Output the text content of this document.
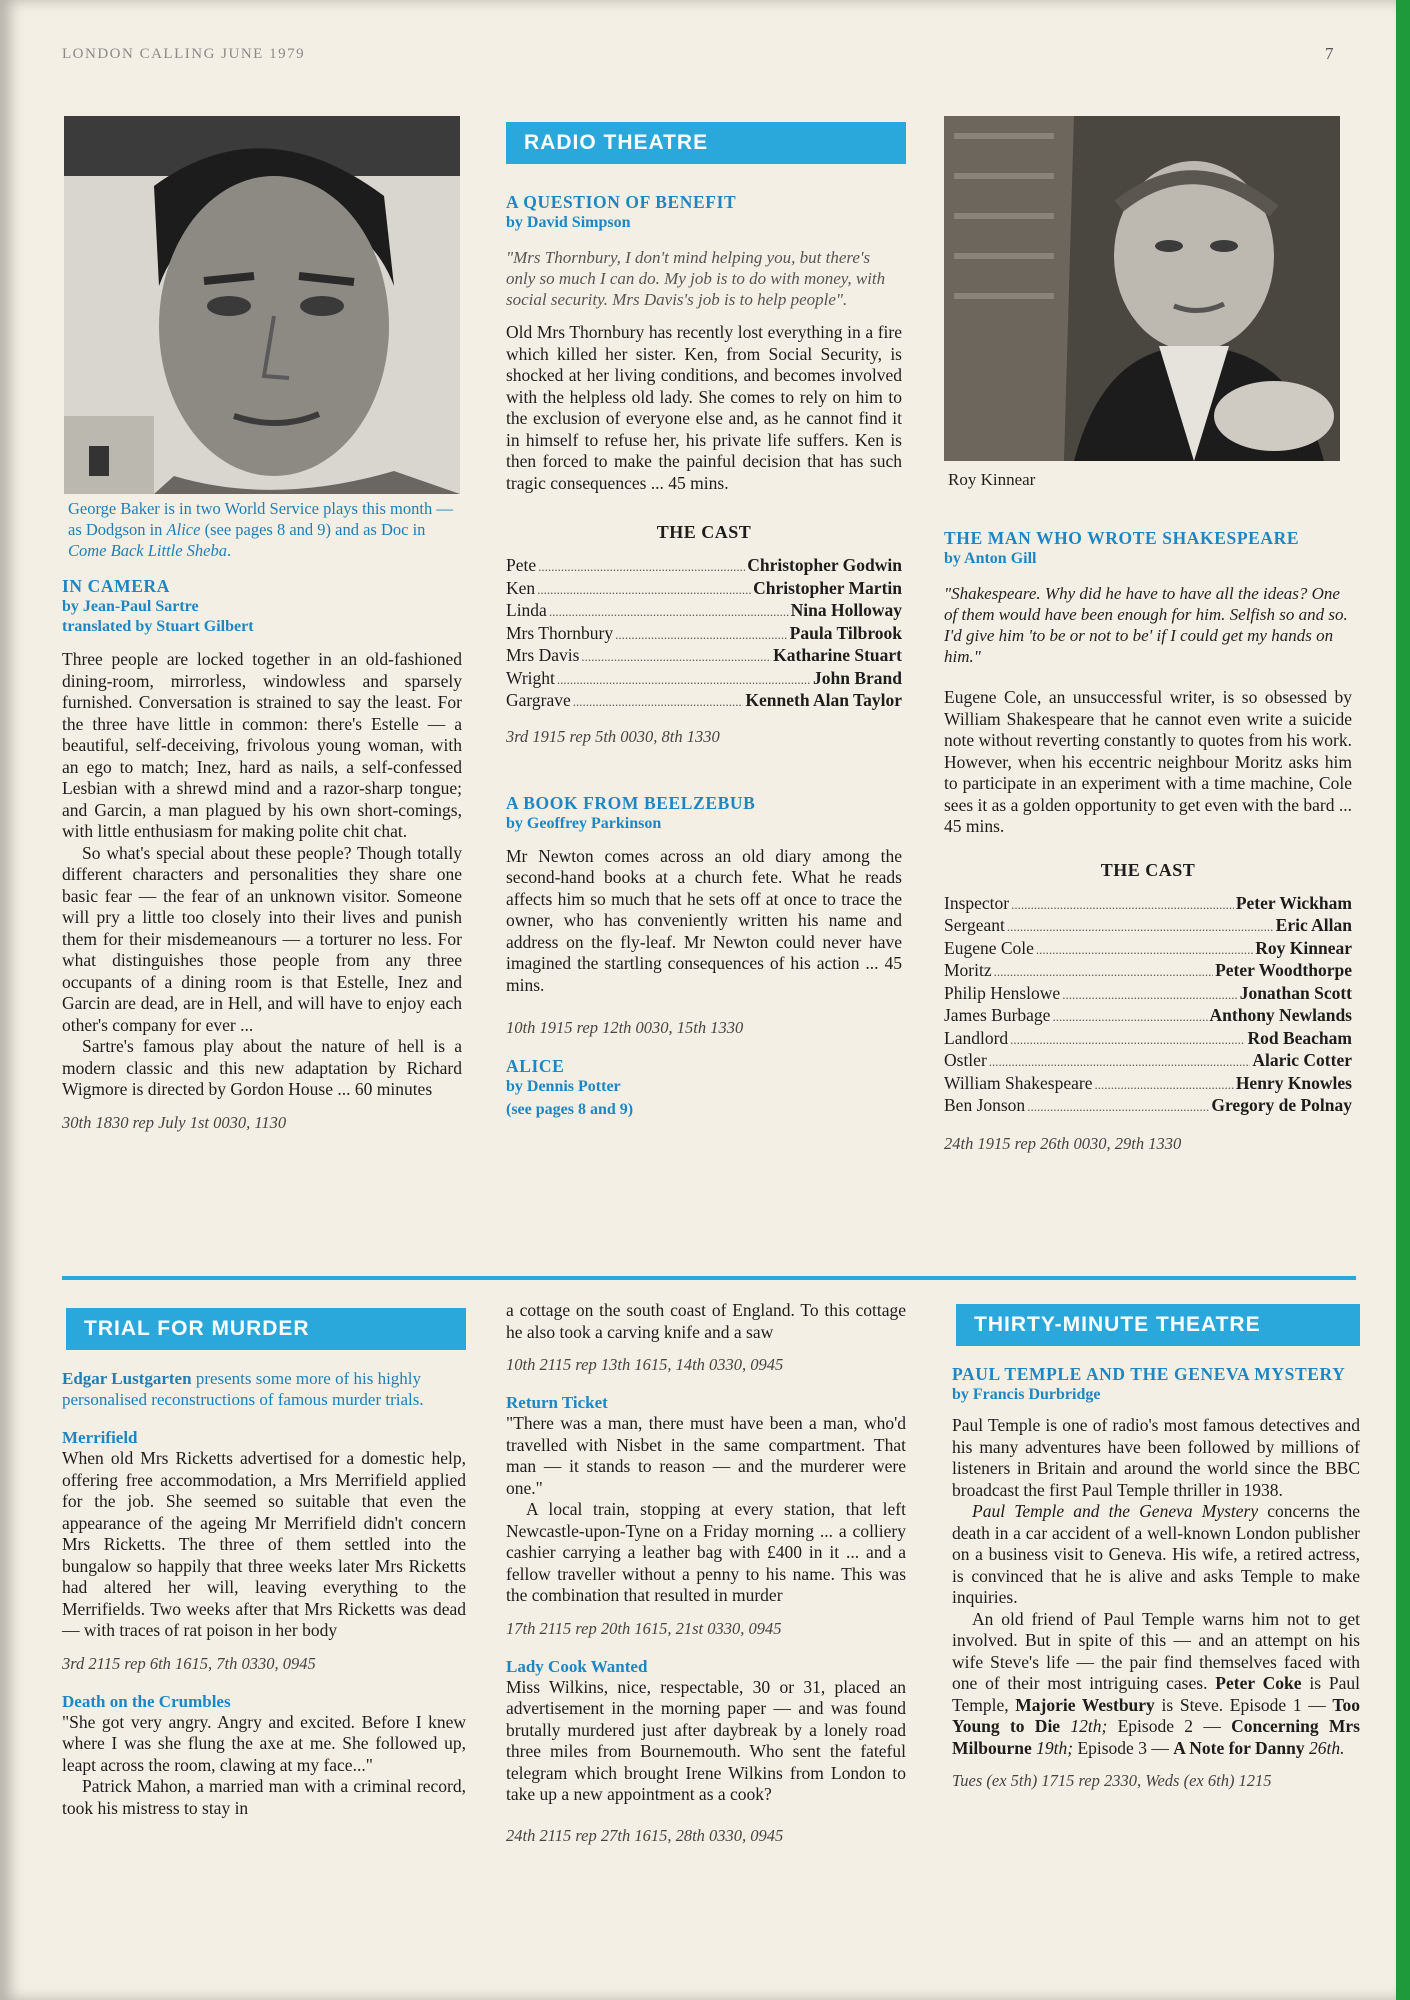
LONDON CALLING JUNE 1979	7
George Baker is in two World Service plays this month — as Dodgson in Alice (see pages 8 and 9) and as Doc in Come Back Little Sheba.
IN CAMERA
by Jean-Paul Sartre
translated by Stuart Gilbert

Three people are locked together in an old-fashioned dining-room, mirrorless, windowless and sparsely furnished. Conversation is strained to say the least. For the three have little in common: there's Estelle — a beautiful, self-deceiving, frivolous young woman, with an ego to match; Inez, hard as nails, a self-confessed Lesbian with a shrewd mind and a razor-sharp tongue; and Garcin, a man plagued by his own short-comings, with little enthusiasm for making polite chit chat.

So what's special about these people? Though totally different characters and personalities they share one basic fear — the fear of an unknown visitor. Someone will pry a little too closely into their lives and punish them for their misdemeanours — a torturer no less. For what distinguishes those people from any three occupants of a dining room is that Estelle, Inez and Garcin are dead, are in Hell, and will have to enjoy each other's company for ever ...

Sartre's famous play about the nature of hell is a modern classic and this new adaptation by Richard Wigmore is directed by Gordon House ... 60 minutes

30th 1830 rep July 1st 0030, 1130
RADIO THEATRE
A QUESTION OF BENEFIT
by David Simpson
"Mrs Thornbury, I don't mind helping you, but there's only so much I can do. My job is to do with money, with social security. Mrs Davis's job is to help people".

Old Mrs Thornbury has recently lost everything in a fire which killed her sister. Ken, from Social Security, is shocked at her living conditions, and becomes involved with the helpless old lady. She comes to rely on him to the exclusion of everyone else and, as he cannot find it in himself to refuse her, his private life suffers. Ken is then forced to make the painful decision that has such tragic consequences ... 45 mins.

THE CAST
Pete .....	Christopher Godwin
Ken .....	Christopher Martin
Linda .....	Nina Holloway
Mrs Thornbury .....	Paula Tilbrook
Mrs Davis .....	Katharine Stuart
Wright .....	John Brand
Gargrave .....	Kenneth Alan Taylor
3rd 1915 rep 5th 0030, 8th 1330
A BOOK FROM BEELZEBUB
by Geoffrey Parkinson

Mr Newton comes across an old diary among the second-hand books at a church fete. What he reads affects him so much that he sets off at once to trace the owner, who has conveniently written his name and address on the fly-leaf. Mr Newton could never have imagined the startling consequences of his action ... 45 mins.

10th 1915 rep 12th 0030, 15th 1330
ALICE
by Dennis Potter
(see pages 8 and 9)
Roy Kinnear
THE MAN WHO WROTE SHAKESPEARE
by Anton Gill
"Shakespeare. Why did he have to have all the ideas? One of them would have been enough for him. Selfish so and so. I'd give him 'to be or not to be' if I could get my hands on him."

Eugene Cole, an unsuccessful writer, is so obsessed by William Shakespeare that he cannot even write a suicide note without reverting constantly to quotes from his work. However, when his eccentric neighbour Moritz asks him to participate in an experiment with a time machine, Cole sees it as a golden opportunity to get even with the bard ... 45 mins.

THE CAST
Inspector .....	Peter Wickham
Sergeant .....	Eric Allan
Eugene Cole .....	Roy Kinnear
Moritz .....	Peter Woodthorpe
Philip Henslowe .....	Jonathan Scott
James Burbage .....	Anthony Newlands
Landlord .....	Rod Beacham
Ostler .....	Alaric Cotter
William Shakespeare .....	Henry Knowles
Ben Jonson .....	Gregory de Polnay
24th 1915 rep 26th 0030, 29th 1330
TRIAL FOR MURDER
Edgar Lustgarten presents some more of his highly personalised reconstructions of famous murder trials.
Merrifield

When old Mrs Ricketts advertised for a domestic help, offering free accommodation, a Mrs Merrifield applied for the job. She seemed so suitable that even the appearance of the ageing Mr Merrifield didn't concern Mrs Ricketts. The three of them settled into the bungalow so happily that three weeks later Mrs Ricketts had altered her will, leaving everything to the Merrifields. Two weeks after that Mrs Ricketts was dead — with traces of rat poison in her body

3rd 2115 rep 6th 1615, 7th 0330, 0945
Death on the Crumbles

"She got very angry. Angry and excited. Before I knew where I was she flung the axe at me. She followed up, leapt across the room, clawing at my face..."

Patrick Mahon, a married man with a criminal record, took his mistress to stay in

a cottage on the south coast of England. To this cottage he also took a carving knife and a saw

10th 2115 rep 13th 1615, 14th 0330, 0945
Return Ticket

"There was a man, there must have been a man, who'd travelled with Nisbet in the same compartment. That man — it stands to reason — and the murderer were one."

A local train, stopping at every station, that left Newcastle-upon-Tyne on a Friday morning ... a colliery cashier carrying a leather bag with £400 in it ... and a fellow traveller without a penny to his name. This was the combination that resulted in murder

17th 2115 rep 20th 1615, 21st 0330, 0945
Lady Cook Wanted

Miss Wilkins, nice, respectable, 30 or 31, placed an advertisement in the morning paper — and was found brutally murdered just after daybreak by a lonely road three miles from Bournemouth. Who sent the fateful telegram which brought Irene Wilkins from London to take up a new appointment as a cook?

24th 2115 rep 27th 1615, 28th 0330, 0945
THIRTY-MINUTE THEATRE
PAUL TEMPLE AND THE GENEVA MYSTERY
by Francis Durbridge

Paul Temple is one of radio's most famous detectives and his many adventures have been followed by millions of listeners in Britain and around the world since the BBC broadcast the first Paul Temple thriller in 1938.

Paul Temple and the Geneva Mystery concerns the death in a car accident of a well-known London publisher on a business visit to Geneva. His wife, a retired actress, is convinced that he is alive and asks Temple to make inquiries.

An old friend of Paul Temple warns him not to get involved. But in spite of this — and an attempt on his wife Steve's life — the pair find themselves faced with one of their most intriguing cases. Peter Coke is Paul Temple, Majorie Westbury is Steve. Episode 1 — Too Young to Die 12th; Episode 2 — Concerning Mrs Milbourne 19th; Episode 3 — A Note for Danny 26th.

Tues (ex 5th) 1715 rep 2330, Weds (ex 6th) 1215
